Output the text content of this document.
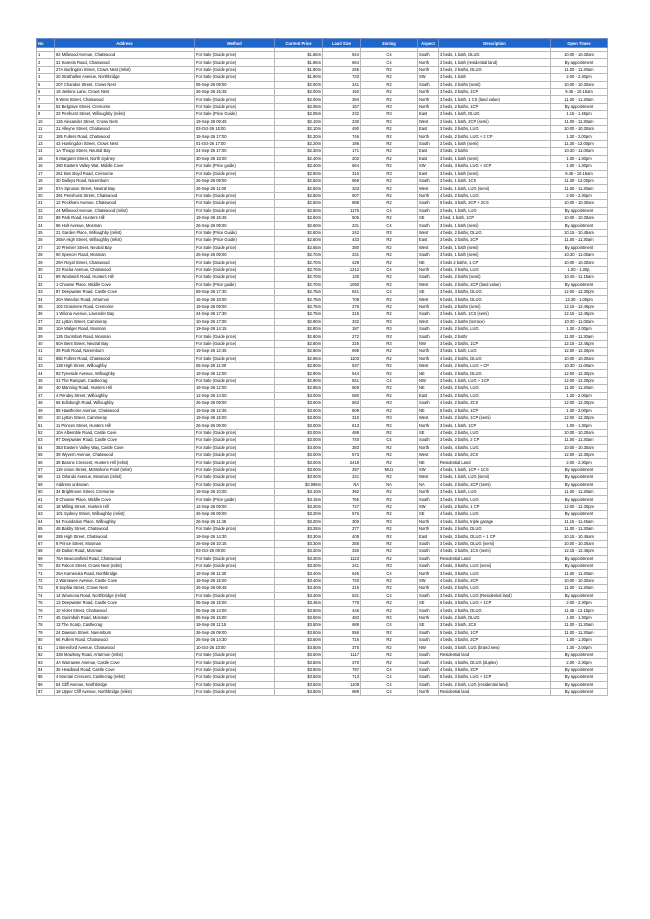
No	Address	Method	Current Price	Land Size	Zoning	Aspect	Description	Open Times

1	82 Millwood Avenue, Chatswood	For Sale (Guide price)	$1.65m	544	C4	South	3 beds, 1 bath, DLUG	10.00 - 10.30am
2	31 Kareela Road, Chatswood	For Sale (Guide price)	$1.85m	664	C4	North	2 beds, 1 bath (residential land)	By appointment
3	27A Burlington Street, Crows Nest (relist)	For Sale (Guide price)	$1.90m	255	R2	North	3 beds, 2 baths, DLUG	11.00 - 11.30am
4	20 Strathallen Avenue, Northbridge	For Sale (Guide price)	$1.90m	733	R2	SW	3 beds, 1 bath	2.00 - 2.30pm
5	207 Chandos Street, Crows Nest	05-Sep-26 09:00	$2.00m	241	R2	South	3 beds, 2 baths (semi)	10.00 - 10.30am
6	19 Jenkins Lane, Crows Nest	26-Sep-26 15:45	$2.00m	160	R2	North	3 beds, 2 baths, 1CP	9.45 - 10.15am
7	9 West Street, Chatswood	For Sale (Guide price)	$2.00m	394	R2	North	3 beds, 1 bath, 1 CS (land value)	11.00 - 11.30am
8	52 Belgrave Street, Cremorne	For Sale (Guide price)	$2.05m	167	R3	North	2 beds, 2 baths, 1CP	By appointment
9	33 Penhurst Street, Willoughby (relist)	For Sale (Price Guide)	$2.05m	232	R3	East	2 beds, 1 bath, DLUG	1.15 - 1.45pm
10	126 Alexander Street, Crows Nest	19-Sep-26 09:45	$2.10m	230	R2	West	2 beds, 1 bath, 2CP (semi)	11.00 - 11.30am
11	21 Alleyne Street, Chatswood	03-Oct-26 15:00	$2.10m	490	R2	East	3 beds, 2 baths, LUG	10.00 - 10.30am
12	185 Fullers Road, Chatswood	15-Sep-26 17:00	$2.20m	746	R2	North	4 beds, 2 baths, LUG + 2 CP	1.30 - 2.00pm
13	43 Huntingdon Street, Crows Nest	01-Oct-26 17:00	$2.20m	186	R2	South	2 beds, 1 bath (semi)	11.30 - 12.00pm
14	1A Thrupp Street, Neutral Bay	24-Sep-26 17:00	$2.30m	171	R2	East	3 beds, 2 baths	10.30 - 11.00am
15	5 Margaret Street, North Sydney	30-Sep-26 18:00	$2.40m	202	R2	East	3 beds, 1 bath (semi)	1.00 - 1.30pm
16	280 Eastern Valley Wat, Middle Cove	For Sale (Price guide)	$2.40m	664	R2	SW	4 beds, 3 baths, LUG + 2CP	1.00 - 1.30pm
17	251 Ben Boyd Road, Cremorne	For Sale (Guide price)	$2.50m	310	R3	East	3 beds, 1 bath (semi)	9.45 - 10.15am
18	30 Dalleys Road, Naremburn	26-Sep-26 09:00	$2.50m	569	R2	South	3 beds, 1 bath, 1CS	11.30 - 12.00pm
19	57A Spruson Street, Neutral Bay	26-Sep-26 11:00	$2.50m	333	R2	West	2 beds, 1 bath, LUG (semi)	11.00 - 11.30am
20	391 Penshurst Street, Chatswood	For Sale (Guide price)	$2.50m	607	R2	North	4 beds, 2 baths, LUG	2.00 - 2.30pm
21	12 Peckham Avenue, Chatswood	For Sale (Guide price)	$2.50m	888	R2	South	5 beds, 3 bath, 2CP + 2CS	10.00 - 10.30am
22	44 Millwood Avenue, Chatswood (relist)	For Sale (Guide price)	$2.50m	1176	C4	South	2 beds, 1 bath, LUG	By appointment
23	89 Park Road, Hunters Hill	19-Sep-26 15:45	$2.60m	505	R2	SE	2 bed, 1 bath, 1CP	10.00 - 10.30am
24	96 Holt Avenue, Mosman	26-Sep-26 09:00	$2.60m	231	C4	South	3 beds, 1 bath (semi)	By appointment
25	21 Garden Place, Willoughby (relist)	For Sale (Price Guide)	$2.60m	242	R3	West	4 beds, 2 baths, DLUG	10.15 - 10.45am
26	265A High Street, Willoughby (relist)	For Sale (Price Guide)	$2.60m	433	R2	East	3 beds, 2 baths, 2CP	11.00 - 11.30am
27	10 Premier Street, Neutral Bay	For Sale (Guide price)	$2.65m	380	R2	West	3 beds, 1 bath (semi)	By appointment
28	90 Spencer Road, Mosman	26-Sep-26 09:00	$2.70m	231	R2	South	3 beds, 1 bath (semi)	10.30 - 11.00am
29	29A Royal Street, Chatswood	For Sale (Guide price)	$2.70m	429	R2	NE	4 beds 2 baths, 1 CP	10.00 - 10.30am
30	23 Rocka Avenue, Chatswood	For Sale (Guide price)	$2.70m	1212	C4	North	4 beds, 2 baths, LUG	1.00 - 1.30p,
31	89 Woolwich Road, Hunters Hill	For Sale (Guide price)	$2.70m	130	R2	South	3 beds, 2 baths (semi)	10.45 - 11.15am
32	1 Chowne Place, Middle Cove	For Sale (Price guide)	$2.70m	1050	R2	West	4 beds, 2 baths, 2CP (land value)	By appointment
33	87 Deepwater Road, Castle Cove	09-Sep-26 17:30	$2.75m	841	C4	SE	3 beds, 3 baths, DLUG	12.00 - 12.30pm
34	20A Weedon Road, Artarmon	16-Sep-26 18:00	$2.75m	708	R2	West	5 beds, 3 baths, DLUG	12.30 - 1.00pm
35	102 Grasmere Road, Cremorne	19-Sep-26 09:00	$2.75m	276	R2	North	2 beds, 2 baths (semi)	12.15 - 12.45pm
36	1 Wilona Avenue, Lavender Bay	24-Sep-26 17:30	$2.75m	215	R2	South	2 beds, 1 bath, 1CS (semi)	12.15 - 12.45pm
37	22 Lytton Street, Cammeray	10-Sep-26 17:00	$2.80m	332	R3	West	4 beds, 2 baths (terrace)	10.30 - 11.00am
38	10A Walger Road, Mosman	19-Sep-26 14:15	$2.80m	187	R3	South	2 beds, 2 baths, LUG	1.30 - 2.00pm
39	135 Ourimbah Road, Mosman	For Sale (Guide price)	$2.80m	272	R3	South	4 beds, 2 bathr	11.00 - 11.30am
40	60A Bent Street, Neutral Bay	For Sale (Guide price)	$2.80m	225	R3	NW	3 beds, 2 baths, 1CP	12.15 - 12.45pm
41	39 Park Road, Naremburn	19-Sep-26 12:45	$2.80m	695	R2	North	3 beds, 1 bath, LUG	12.00 - 12.30pm
42	85b Fullers Road, Chatswood	For Sale (Guide price)	$2.85m	1103	R2	North	4 beds, 2 baths, DLUG	10.00 - 10.30am
43	138 High Street, Willoughby	05-Sep-26 11:00	$2.90m	537	R2	West	4 beds, 2 baths, LUG + CP	10.30 - 11.00am
44	83 Tyneside Avenue, Willoughby	19-Sep-26 12:00	$2.90m	544	R2	NE	4 beds, 2 baths, DLUG	12.00 - 12.30pm
45	31 The Rampart, Castlecrag	For Sale (Guide price)	$2.90m	841	C4	NW	3 beds, 1 bath, LUG + 1CP	12.00 - 12.30pm
46	40 Manning Road, Hunters Hill	19-Sep-26 12:00	$2.95m	569	R2	NE	4 beds, 2 baths, LUG	11.00 - 11.30am
47	4 Pendey Street, Willoughby	12-Sep-26 14:00	$3.00m	580	R2	East	3 beds, 2 baths, LUG	1.30 - 2.00pm
48	66 Edinburgh Road, Willoughby	26-Sep-26 09:00	$3.00m	563	R3	South	4 beds, 2 baths, 2CS	12.00 - 12.30pm
49	88 Hawthorne Avenue, Chatswood	19-Sep-26 12:45	$3.00m	809	R2	NE	5 beds, 2 baths, 1CP	1.30 - 2.00pm
50	10 Lytton Street, Cammeray	19-Sep-26 15:00	$3.00m	310	R3	West	3 beds, 2 baths, 1CP (semi)	12.00 - 12.30pm
51	11 Princes Street, Hunters Hill	26-Sep-26 09:00	$3.00m	613	R2	North	3 beds, 1 bath, 1CP	1.00 - 1.30pm
52	10A Albemble Road, Castle Cove	For Sale (Guide price)	$3.00m	488	R2	SE	4 beds, 2 baths, LUG	10.00 - 10.30am
53	97 Deepwater Road, Castle Cove	For Sale (Guide price)	$3.00m	740	C4	South	3 beds, 2 baths, 2 CP	11.00 - 11.30am
54	353 Eastern Valley Way, Castle Cove	For Sale (Guide price)	$3.00m	383	R2	North	4 beds, 4 baths, LUG	10.00 - 10.30am
55	39 Wyvern Avenue, Chatswood	For Sale (Guide price)	$3.00m	573	R2	West	4 beds, 2 baths, 2CS	12.00 - 12.30pm
56	38 Barons Crescent, Hunters Hill (relist)	For Sale (Guide price)	$3.00m	2419	R2	NE	Residential Land	2.00 - 2.30pm
57	119 Union Street, McMahons Point (relist)	For Sale (Guide price)	$3.00m	297	MU1	SW	4 beds, 1 bath, 1CP + 1CS	By appointment
58	12 Orlando Avenue, Mosman (relist)	For Sale (Guide price)	$3.00m	221	R2	West	2 beds, 1 bath, LUG (semi)	By appointment
59	Address unknown	For Sale (Guide price)	$3.095m	NA	NA	NA	4 beds, 2 baths, 2CP (semi)	By appointment
60	34 Brightmore Street, Cremorne	19-Sep-26 10:00	$3.10m	392	R2	North	3 beds, 1 bath, LUG	11.00 - 11.30am
61	8 Chowne Place, Middle Cove	For Sale (Price guide)	$3.15m	765	R2	South	3 beds, 2 baths, LUG	By appointment
62	18 Milling Street, Hunters Hill	12-Sep-26 09:00	$3.20m	727	R2	SW	4 beds, 2 baths, 1 CP	12.00 - 12.30pm
63	101 Sydney Street, Willoughby (relist)	26-Sep-26 09:00	$3.20m	676	R2	SE	4 beds, 3 baths, LUG	By appointment
64	54 Foundation Place, Willoughby	26-Sep-26 11:45	$3.20m	300	R3	North	4 beds, 3 baths, triple garage	11.15 - 11.45am
65	48 Baldry Street, Chatswood	For Sale (Guide price)	$3.28m	277	R2	North	3 beds, 2 baths, DLUG	11.00 - 11.30am
66	285 High Street, Chatswood	19-Sep-26 14:30	$3.30m	405	R2	East	5 beds, 3 baths, DLUG + 1 CP	10.15 - 10.45am
67	8 Prince Street, Mosman	26-Sep-26 10:15	$3.30m	258	R2	South	3 beds, 2 baths, DLUG (semi)	10.00 - 10.30am
68	49 Dalton Road, Mosman	03-Oct-26 09:00	$3.30m	330	R2	South	4 beds, 2 baths, 1CS (semi)	12.15 - 12.45pm
69	76A Beaconsfield Road, Chatswood	For Sale (Guide price)	$3.30m	1123	R2	South	Residential Land	By appointment
70	83 Falcon Street, Crows Nest (relist)	For Sale (Guide price)	$3.30m	241	R3	South	4 beds, 3 baths, LUG (semi)	By appointment
71	25A Kameruka Road, Northbridge	19-Sep-26 11:30	$3.40m	645	C4	North	3 beds, 3 baths, LUG	11.00 - 11.30am
72	2 Warrawee Avenue, Castle Cove	19-Sep-26 15:00	$3.40m	740	R2	SW	4 beds, 2 baths, 2CP	10.00 - 10.30am
73	8 Sophia Street, Crows Nest	26-Sep-26 09:45	$3.40m	215	R2	North	4 beds, 2 baths, LUG	11.00 - 11.30am
74	14 Woonona Road, Northbridge (relist)	For Sale (Guide price)	$3.40m	531	C4	South	3 beds, 2 baths, LUG (Residential land)	By appointment
75	13 Deepwater Road, Castle Cove	05-Sep-26 15:00	$3.45m	778	R2	SE	6 beds, 3 baths, LUG + 1CP	2.00 - 2.30pm
76	10 Violet Street, Chatswood	05-Sep-26 14:00	$3.50m	446	R2	South	4 beds, 2 baths, DLUG	11.45 - 12.15pm
77	45 Ourimbah Road, Mosman	05-Sep-26 15:00	$3.50m	483	R2	North	4 beds, 2 bath, DLUG	1.00 - 1.30pm
78	13 The Scarp, Castlecrag	19-Sep-26 11:15	$3.50m	689	C4	SE	3 beds, 3 bath, 2CS	11.00 - 11.30am
79	24 Dawson Street, Naremburn	26-Sep-26 09:00	$3.50m	556	R2	South	5 beds, 2 baths, 1CP	11.00 - 11.30am
80	66 Fullers Road, Chatswood	26-Sep-26 14:30	$3.50m	716	R2	South	4 beds, 3 baths, 2CP	1.00 - 1.30pm
81	1 Beresford Avenue, Chatswood	10-Oct-26 10:00	$3.50m	375	R2	NW	4 beds, 3 bath, LUG (brand new)	1.30 - 2.00pm
82	338 Mowbray Road, Artarmon (relist)	For Sale (Guide price)	$3.50m	1117	R2	South	Residential land	By appointment
83	4A Warrawee Avenue, Castle Cove	For Sale (Guide price)	$3.50m	370	R2	South	4 beds, 4 baths, DLUG (duplex)	2.00 - 2.30pm
84	36 Headland Road, Castle Cove	For Sale (Guide price)	$3.50m	797	C4	South	4 beds, 3 baths, 2CP	By appointment
85	4 Morotai Crescent, Castlecrag (relist)	For Sale (Guide price)	$3.50m	713	C4	South	5 beds, 3 baths, LUG + 1CP	By appointment
86	54 Cliff Avenue, Northbridge	For Sale (Guide price)	$3.50m	1108	C4	South	3 beds, 2 bath, LUG (residential land)	By appointment
87	19 Upper Cliff Avenue, Northbridge (relist)	For Sale (Guide price)	$3.50m	989	C4	North	Residential land	By appointment
